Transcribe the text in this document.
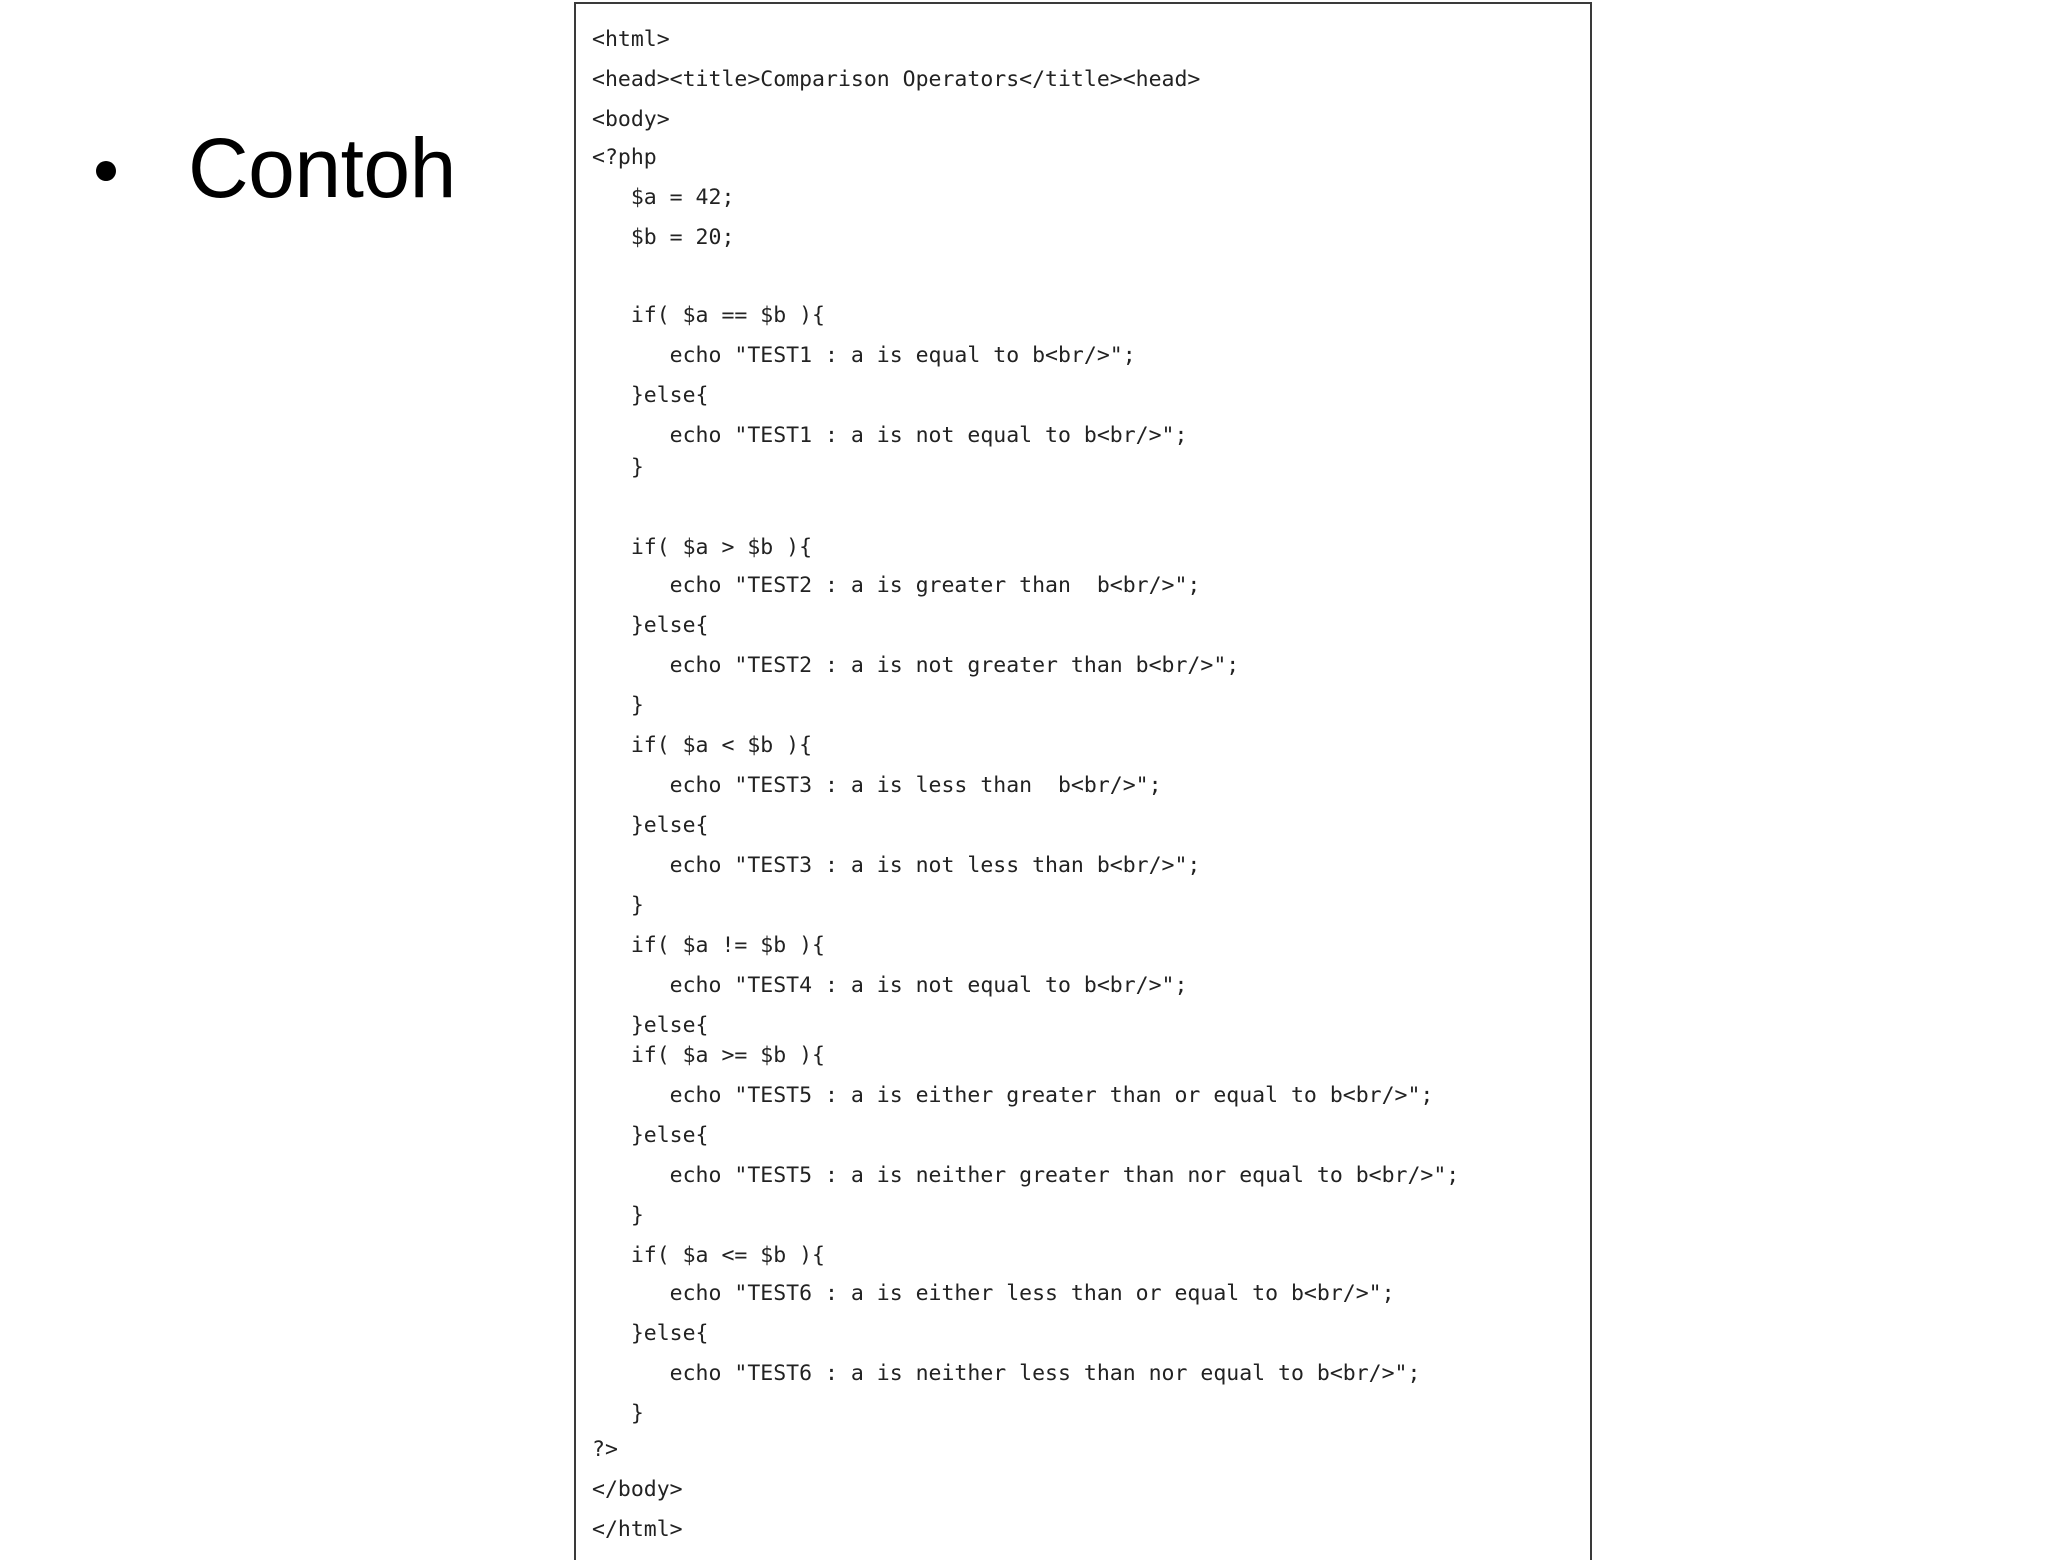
Contoh
<html>
<head><title>Comparison Operators</title><head>
<body>
<?php
$a = 42;
$b = 20;
if( $a == $b ){
echo "TEST1 : a is equal to b<br/>";
}else{
echo "TEST1 : a is not equal to b<br/>";
}
if( $a > $b ){
echo "TEST2 : a is greater than  b<br/>";
}else{
echo "TEST2 : a is not greater than b<br/>";
}
if( $a < $b ){
echo "TEST3 : a is less than  b<br/>";
}else{
echo "TEST3 : a is not less than b<br/>";
}
if( $a != $b ){
echo "TEST4 : a is not equal to b<br/>";
}else{
if( $a >= $b ){
echo "TEST5 : a is either greater than or equal to b<br/>";
}else{
echo "TEST5 : a is neither greater than nor equal to b<br/>";
}
if( $a <= $b ){
echo "TEST6 : a is either less than or equal to b<br/>";
}else{
echo "TEST6 : a is neither less than nor equal to b<br/>";
}
?>
</body>
</html>
